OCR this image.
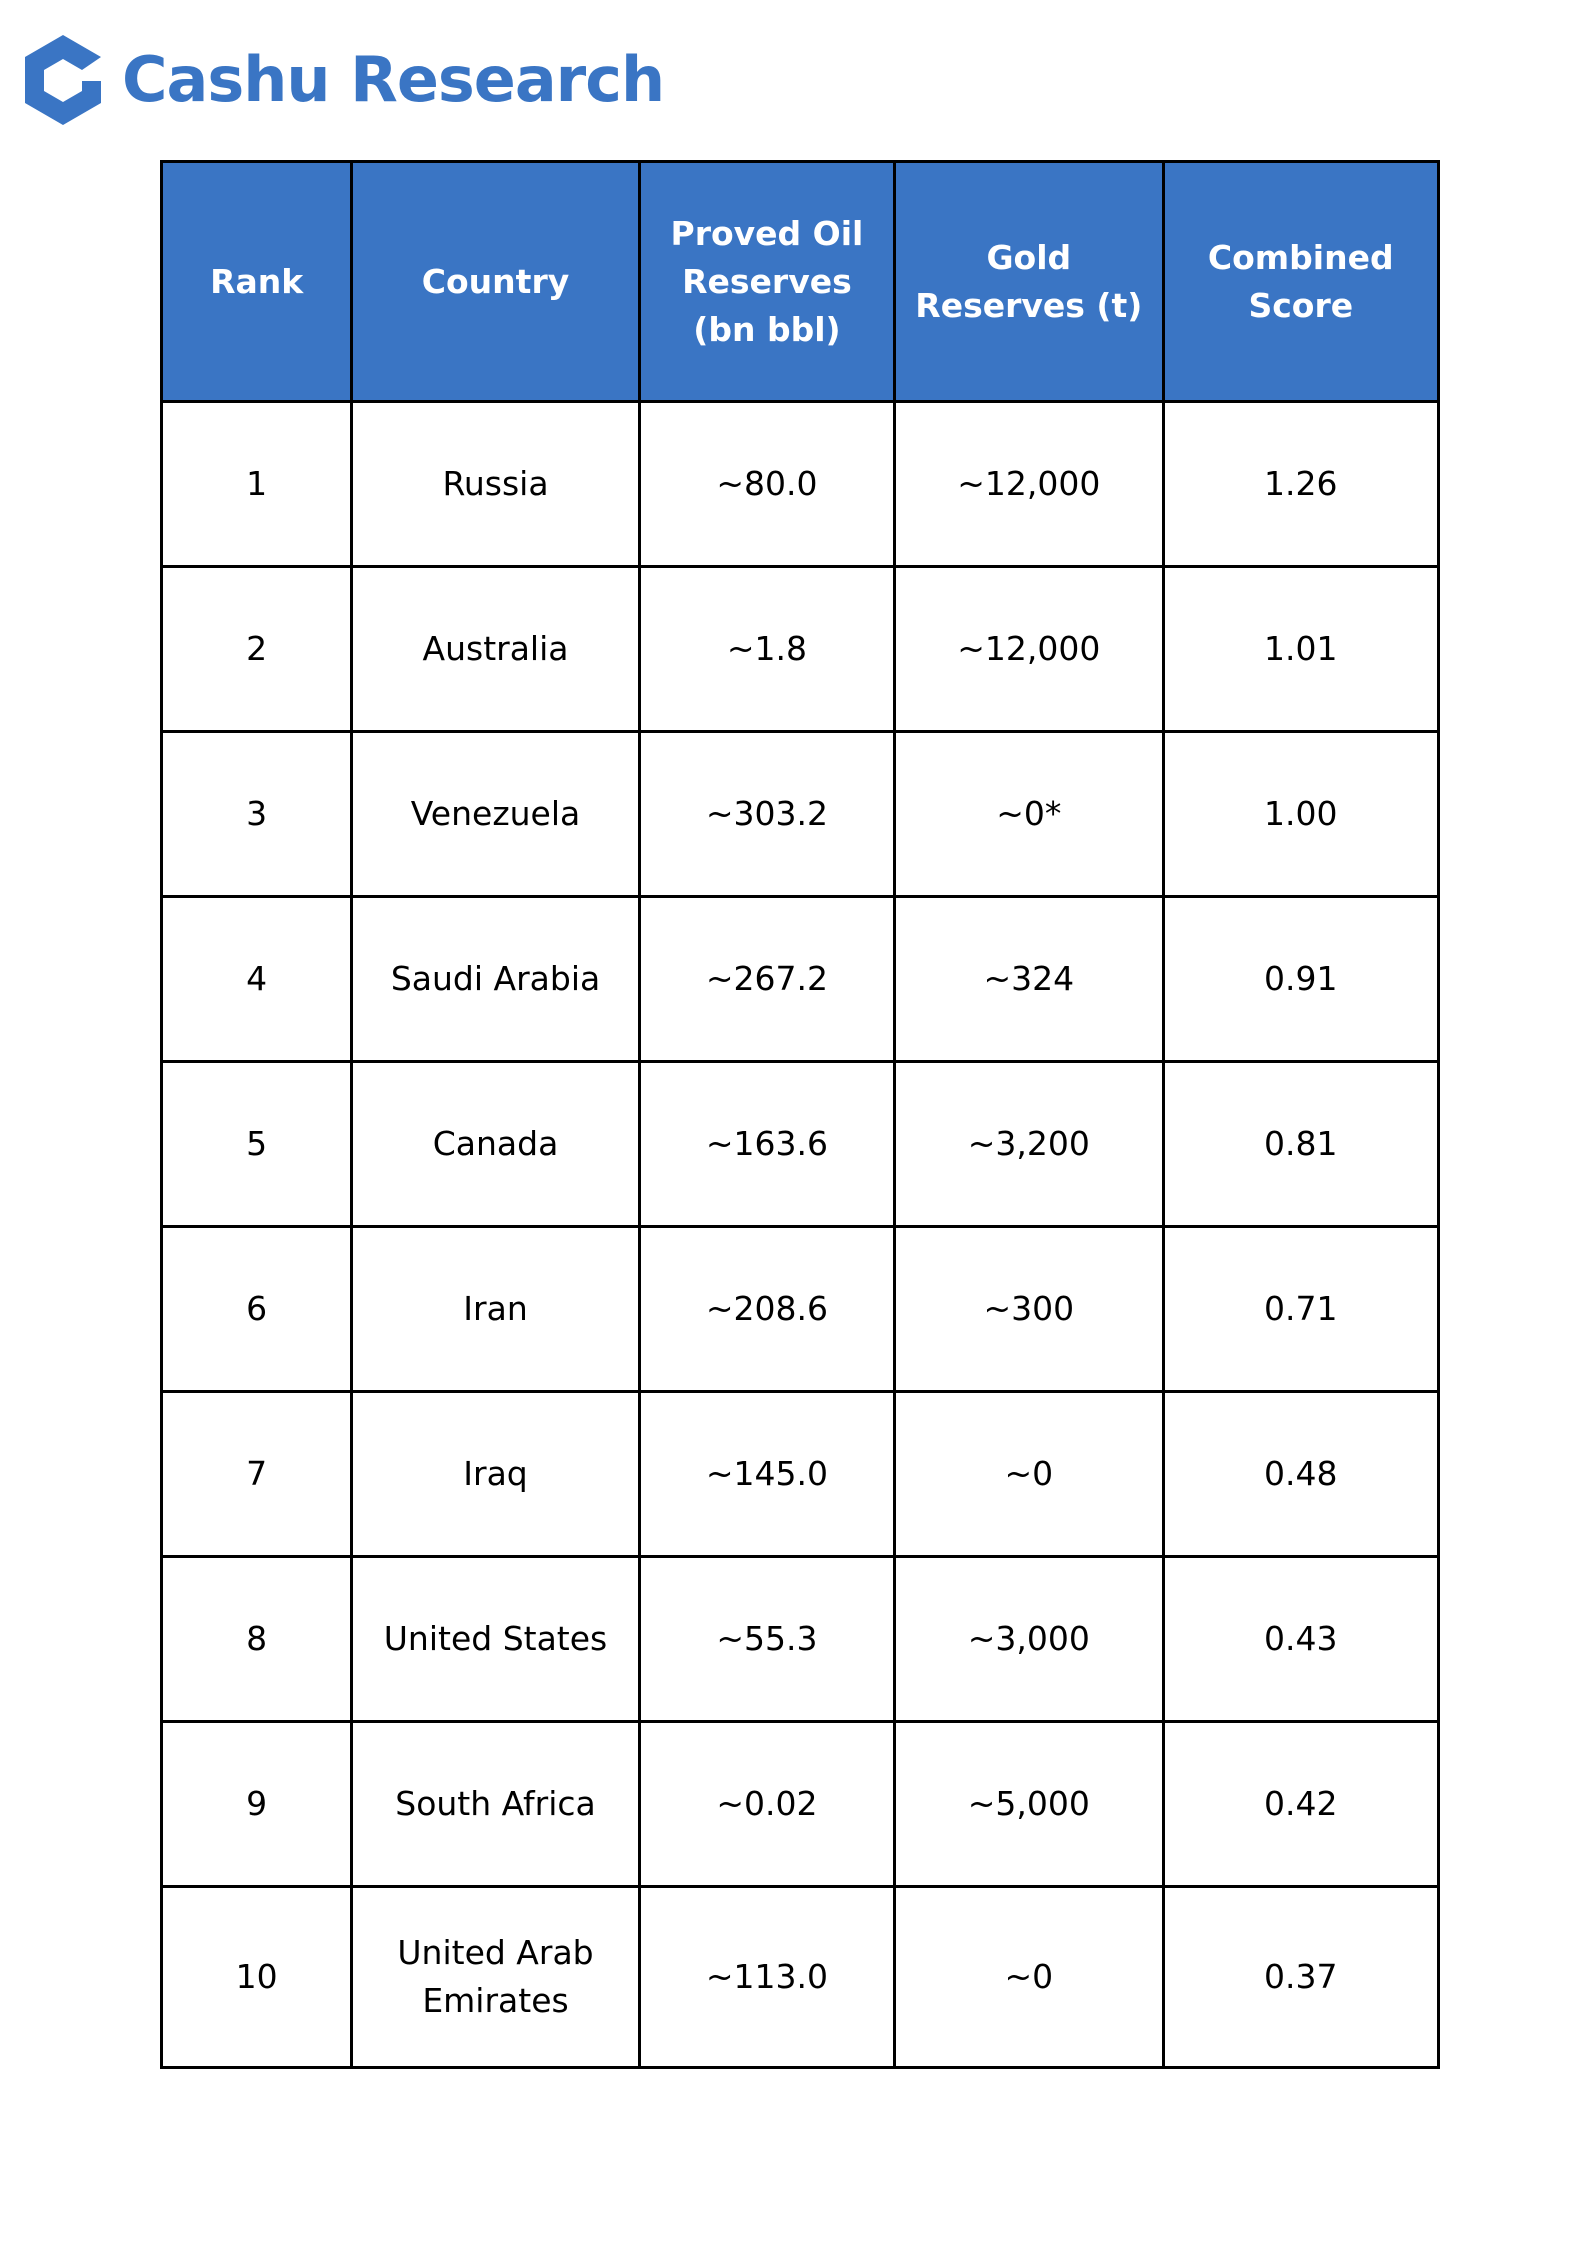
Cashu Research
Rank	Country	Proved Oil Reserves (bn bbl)	Gold Reserves (t)	Combined Score
1	Russia	~80.0	~12,000	1.26
2	Australia	~1.8	~12,000	1.01
3	Venezuela	~303.2	~0*	1.00
4	Saudi Arabia	~267.2	~324	0.91
5	Canada	~163.6	~3,200	0.81
6	Iran	~208.6	~300	0.71
7	Iraq	~145.0	~0	0.48
8	United States	~55.3	~3,000	0.43
9	South Africa	~0.02	~5,000	0.42
10	United Arab Emirates	~113.0	~0	0.37
